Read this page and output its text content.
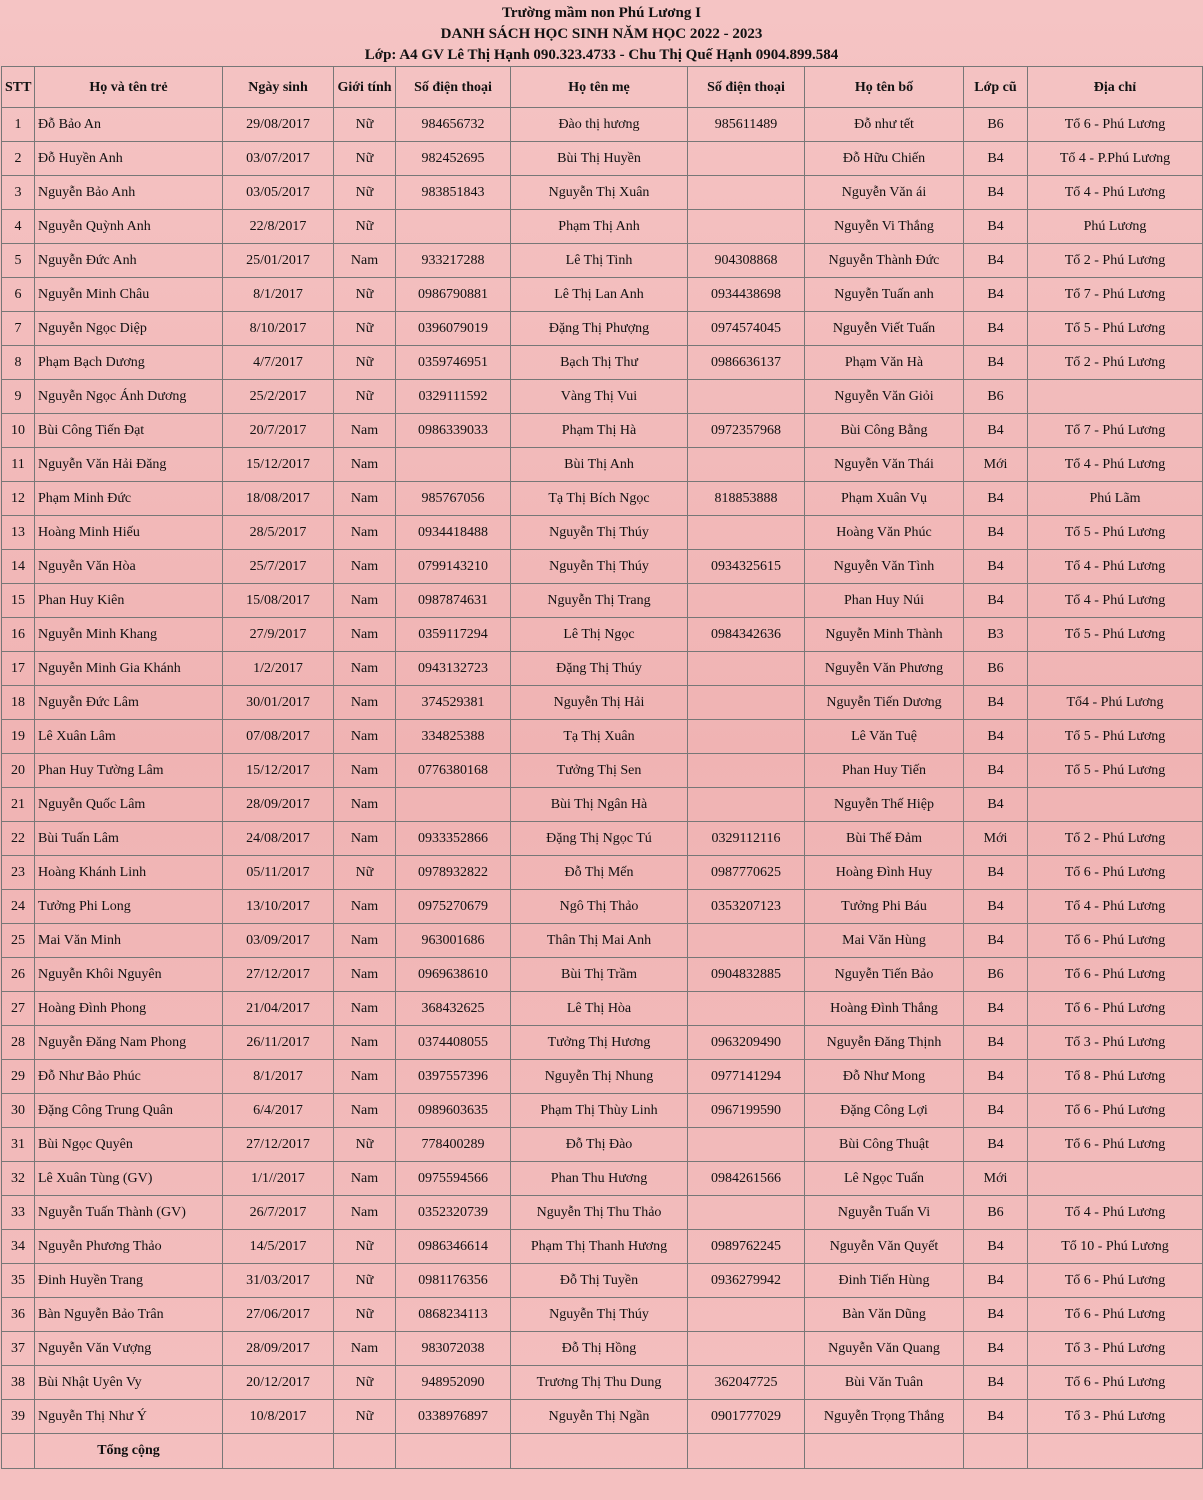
Trường mầm non Phú Lương I
DANH SÁCH HỌC SINH NĂM HỌC 2022 - 2023
Lớp: A4 GV Lê Thị Hạnh 090.323.4733 - Chu Thị Quế Hạnh 0904.899.584
STT	Họ và tên trẻ	Ngày sinh	Giới tính	Số điện thoại	Họ tên mẹ	Số điện thoại	Họ tên bố	Lớp cũ	Địa chỉ
1	Đỗ Bảo An	29/08/2017	Nữ	984656732	Đào thị hương	985611489	Đỗ như tết	B6	Tổ 6 - Phú Lương
2	Đỗ Huyền Anh	03/07/2017	Nữ	982452695	Bùi Thị Huyền		Đỗ Hữu Chiến	B4	Tổ 4 - P.Phú Lương
3	Nguyễn Bảo Anh	03/05/2017	Nữ	983851843	Nguyễn Thị Xuân		Nguyễn Văn ái	B4	Tổ 4 - Phú Lương
4	Nguyễn Quỳnh Anh	22/8/2017	Nữ		Phạm Thị Anh		Nguyễn Vi Thắng	B4	Phú Lương
5	Nguyễn Đức Anh	25/01/2017	Nam	933217288	Lê Thị Tinh	904308868	Nguyễn Thành Đức	B4	Tổ 2 - Phú Lương
6	Nguyễn Minh Châu	8/1/2017	Nữ	0986790881	Lê Thị Lan Anh	0934438698	Nguyễn Tuấn anh	B4	Tổ 7 - Phú Lương
7	Nguyễn Ngọc Diệp	8/10/2017	Nữ	0396079019	Đặng Thị Phượng	0974574045	Nguyễn Viết Tuấn	B4	Tổ 5 - Phú Lương
8	Phạm Bạch Dương	4/7/2017	Nữ	0359746951	Bạch Thị Thư	0986636137	Phạm Văn Hà	B4	Tổ 2 - Phú Lương
9	Nguyễn Ngọc Ánh Dương	25/2/2017	Nữ	0329111592	Vàng Thị Vui		Nguyễn Văn Giỏi	B6	
10	Bùi Công Tiến Đạt	20/7/2017	Nam	0986339033	Phạm Thị Hà	0972357968	Bùi Công Bằng	B4	Tổ 7 - Phú Lương
11	Nguyễn Văn Hải Đăng	15/12/2017	Nam		Bùi Thị Anh		Nguyễn Văn Thái	Mới	Tổ 4 - Phú Lương
12	Phạm Minh Đức	18/08/2017	Nam	985767056	Tạ Thị Bích Ngọc	818853888	Phạm Xuân Vụ	B4	Phú Lãm
13	Hoàng Minh Hiếu	28/5/2017	Nam	0934418488	Nguyễn Thị Thúy		Hoàng Văn Phúc	B4	Tổ 5 - Phú Lương
14	Nguyễn Văn Hòa	25/7/2017	Nam	0799143210	Nguyễn Thị Thúy	0934325615	Nguyễn Văn Tình	B4	Tổ 4 - Phú Lương
15	Phan Huy Kiên	15/08/2017	Nam	0987874631	Nguyễn Thị Trang		Phan Huy Núi	B4	Tổ 4 - Phú Lương
16	Nguyễn Minh Khang	27/9/2017	Nam	0359117294	Lê Thị Ngọc	0984342636	Nguyễn Minh Thành	B3	Tổ 5 - Phú Lương
17	Nguyễn Minh Gia Khánh	1/2/2017	Nam	0943132723	Đặng Thị Thúy		Nguyễn Văn Phương	B6	
18	Nguyễn Đức Lâm	30/01/2017	Nam	374529381	Nguyễn Thị Hải		Nguyễn Tiến Dương	B4	Tổ4 - Phú Lương
19	Lê Xuân Lâm	07/08/2017	Nam	334825388	Tạ Thị Xuân		Lê Văn Tuệ	B4	Tổ 5 - Phú Lương
20	Phan Huy Tường Lâm	15/12/2017	Nam	0776380168	Tưởng Thị Sen		Phan Huy Tiến	B4	Tổ 5 - Phú Lương
21	Nguyễn Quốc Lâm	28/09/2017	Nam		Bùi Thị Ngân Hà		Nguyễn Thế Hiệp	B4	
22	Bùi Tuấn Lâm	24/08/2017	Nam	0933352866	Đặng Thị Ngọc Tú	0329112116	Bùi Thế Đảm	Mới	Tổ 2 - Phú Lương
23	Hoàng Khánh Linh	05/11/2017	Nữ	0978932822	Đỗ Thị Mến	0987770625	Hoàng Đình Huy	B4	Tổ 6 - Phú Lương
24	Tưởng Phi Long	13/10/2017	Nam	0975270679	Ngô Thị Thảo	0353207123	Tưởng Phi Báu	B4	Tổ 4 - Phú Lương
25	Mai Văn Minh	03/09/2017	Nam	963001686	Thân Thị Mai Anh		Mai Văn Hùng	B4	Tổ 6 - Phú Lương
26	Nguyễn Khôi Nguyên	27/12/2017	Nam	0969638610	Bùi Thị Trầm	0904832885	Nguyễn Tiến Bảo	B6	Tổ 6 - Phú Lương
27	Hoàng Đình Phong	21/04/2017	Nam	368432625	Lê Thị Hòa		Hoàng Đình Thắng	B4	Tổ 6 - Phú Lương
28	Nguyễn Đăng Nam Phong	26/11/2017	Nam	0374408055	Tưởng Thị Hương	0963209490	Nguyễn Đăng Thịnh	B4	Tổ 3 - Phú Lương
29	Đỗ Như Bảo Phúc	8/1/2017	Nam	0397557396	Nguyễn Thị Nhung	0977141294	Đỗ Như Mong	B4	Tổ 8 - Phú Lương
30	Đặng Công Trung Quân	6/4/2017	Nam	0989603635	Phạm Thị Thùy Linh	0967199590	Đặng Công Lợi	B4	Tổ 6 - Phú Lương
31	Bùi Ngọc Quyên	27/12/2017	Nữ	778400289	Đỗ Thị Đào		Bùi Công Thuật	B4	Tổ 6 - Phú Lương
32	Lê Xuân Tùng (GV)	1/1//2017	Nam	0975594566	Phan Thu Hương	0984261566	Lê Ngọc Tuấn	Mới	
33	Nguyễn Tuấn Thành (GV)	26/7/2017	Nam	0352320739	Nguyễn Thị Thu Thảo		Nguyễn Tuấn Vi	B6	Tổ 4 - Phú Lương
34	Nguyễn Phương Thảo	14/5/2017	Nữ	0986346614	Phạm Thị Thanh Hương	0989762245	Nguyễn Văn Quyết	B4	Tổ 10 - Phú Lương
35	Đinh Huyền Trang	31/03/2017	Nữ	0981176356	Đỗ Thị Tuyền	0936279942	Đinh Tiến Hùng	B4	Tổ 6 - Phú Lương
36	Bàn Nguyễn Bảo Trân	27/06/2017	Nữ	0868234113	Nguyễn Thị Thúy		Bàn Văn Dũng	B4	Tổ 6 - Phú Lương
37	Nguyễn Văn Vượng	28/09/2017	Nam	983072038	Đỗ Thị Hồng		Nguyễn Văn Quang	B4	Tổ 3 - Phú Lương
38	Bùi Nhật Uyên Vy	20/12/2017	Nữ	948952090	Trương Thị Thu Dung	362047725	Bùi Văn Tuân	B4	Tổ 6 - Phú Lương
39	Nguyễn Thị Như Ý	10/8/2017	Nữ	0338976897	Nguyễn Thị Ngần	0901777029	Nguyễn Trọng Thắng	B4	Tổ 3 - Phú Lương
	Tổng cộng								
